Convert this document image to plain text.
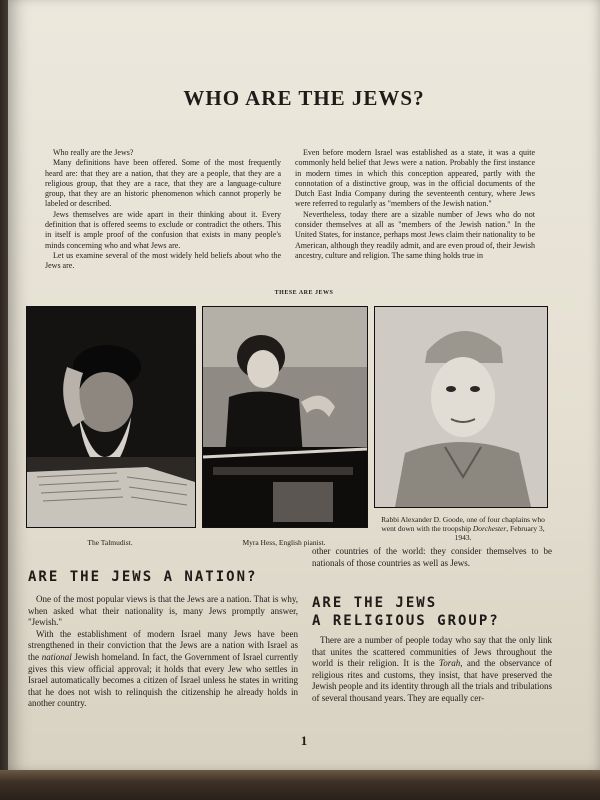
WHO ARE THE JEWS?

Who really are the Jews?

Many definitions have been offered. Some of the most frequently heard are: that they are a nation, that they are a people, that they are a religious group, that they are a race, that they are a language-culture group, that they are an historic phenomenon which cannot properly be labeled or described.

Jews themselves are wide apart in their thinking about it. Every definition that is offered seems to exclude or contradict the others. This in itself is ample proof of the confusion that exists in many people's minds concerning who and what Jews are.

Let us examine several of the most widely held beliefs about who the Jews are.

Even before modern Israel was established as a state, it was a quite commonly held belief that Jews were a nation. Probably the first instance in modern times in which this conception appeared, partly with the connotation of a distinctive group, was in the official documents of the Dutch East India Company during the seventeenth century, where Jews were referred to regularly as "members of the Jewish nation."

Nevertheless, today there are a sizable number of Jews who do not consider themselves at all as "members of the Jewish nation." In the United States, for instance, perhaps most Jews claim their nationality to be American, although they readily admit, and are even proud of, their Jewish ancestry, culture and religion. The same thing holds true in

THESE ARE JEWS
The Talmudist.	Myra Hess, English pianist.
Rabbi Alexander D. Goode, one of four chaplains who went down with the troopship Dorchester, February 3, 1943.
ARE THE JEWS A NATION?

One of the most popular views is that the Jews are a nation. That is why, when asked what their nationality is, many Jews promptly answer, "Jewish."

With the establishment of modern Israel many Jews have been strengthened in their conviction that the Jews are a nation with Israel as the national Jewish homeland. In fact, the Government of Israel currently gives this view official approval; it holds that every Jew who settles in Israel automatically becomes a citizen of Israel unless he states in writing that he does not wish to relinquish the citizenship he already holds in another country.

other countries of the world: they consider themselves to be nationals of those countries as well as Jews.
ARE THE JEWS
A RELIGIOUS GROUP?

There are a number of people today who say that the only link that unites the scattered communities of Jews throughout the world is their religion. It is the Torah, and the observance of religious rites and customs, they insist, that have preserved the Jewish people and its identity through all the trials and tribulations of several thousand years. They are equally cer-

1
